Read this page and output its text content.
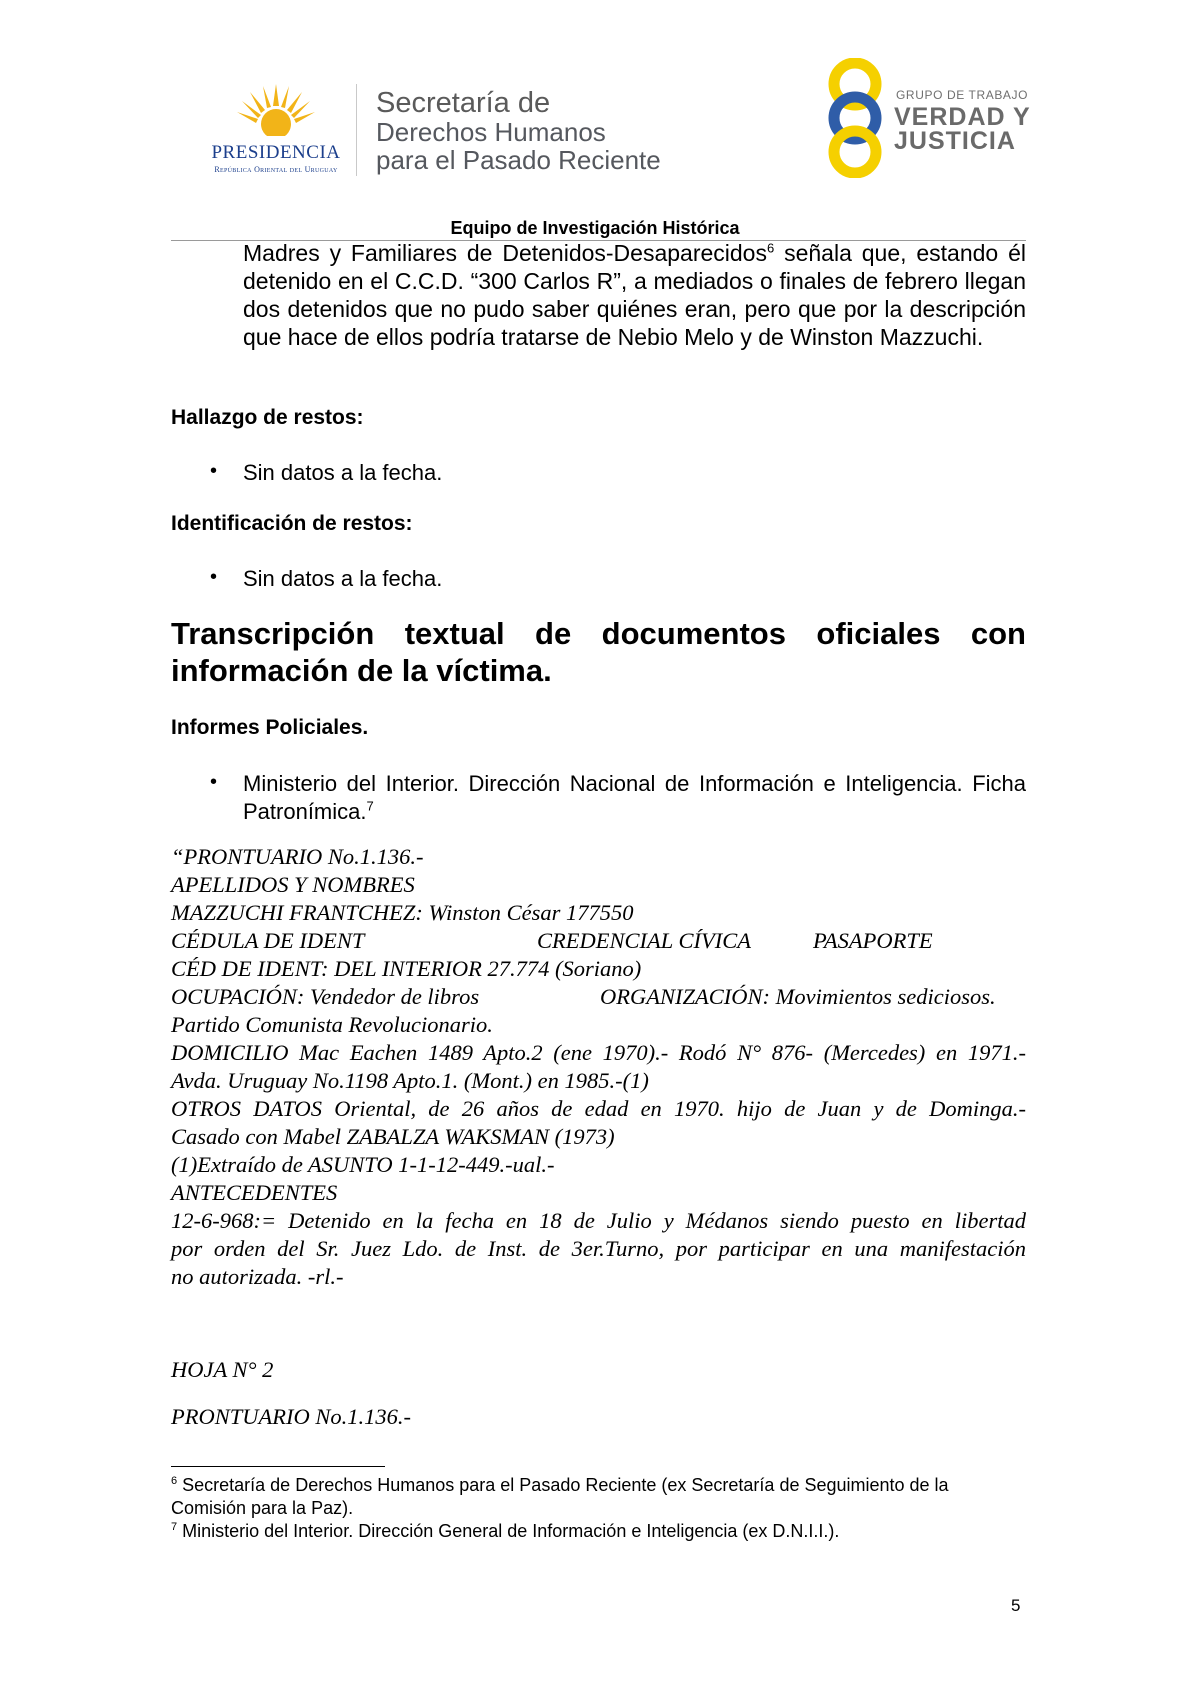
PRESIDENCIA
República Oriental del Uruguay
Secretaría de
Derechos Humanos
para el Pasado Reciente
GRUPO DE TRABAJO
VERDAD Y
JUSTICIA
Equipo de Investigación Histórica
Madres y Familiares de Detenidos-Desaparecidos$^6$ señala que, estando él detenido en el C.C.D. “300 Carlos R”, a mediados o finales de febrero llegan dos detenidos que no pudo saber quiénes eran, pero que por la descripción que hace de ellos podría tratarse de Nebio Melo y de Winston Mazzuchi.
Hallazgo de restos:
• Sin datos a la fecha.
Identificación de restos:
• Sin datos a la fecha.
Transcripción textual de documentos oficiales con
información de la víctima.
Informes Policiales.
• Ministerio del Interior. Dirección Nacional de Información e Inteligencia. Ficha Patronímica.$^7$
“PRONTUARIO No.1.136.-
APELLIDOS Y NOMBRES
MAZZUCHI FRANTCHEZ: Winston César 177550
CÉDULA DE IDENT	CREDENCIAL CÍVICA	PASAPORTE
CÉD DE IDENT: DEL INTERIOR 27.774 (Soriano)
OCUPACIÓN: Vendedor de libros	ORGANIZACIÓN: Movimientos sediciosos.
Partido Comunista Revolucionario.
DOMICILIO Mac Eachen 1489 Apto.2 (ene 1970).- Rodó N° 876- (Mercedes) en 1971.-
Avda. Uruguay No.1198 Apto.1. (Mont.) en 1985.-(1)
OTROS DATOS Oriental, de 26 años de edad en 1970. hijo de Juan y de Dominga.-
Casado con Mabel ZABALZA WAKSMAN (1973)
(1)Extraído de ASUNTO 1-1-12-449.-ual.-
ANTECEDENTES
12-6-968:= Detenido en la fecha en 18 de Julio y Médanos siendo puesto en libertad
por orden del Sr. Juez Ldo. de Inst. de 3er.Turno, por participar en una manifestación
no autorizada. -rl.-
HOJA N° 2
PRONTUARIO No.1.136.-
$^6$ Secretaría de Derechos Humanos para el Pasado Reciente (ex Secretaría de Seguimiento de la Comisión para la Paz).
$^7$ Ministerio del Interior. Dirección General de Información e Inteligencia (ex D.N.I.I.).
5
